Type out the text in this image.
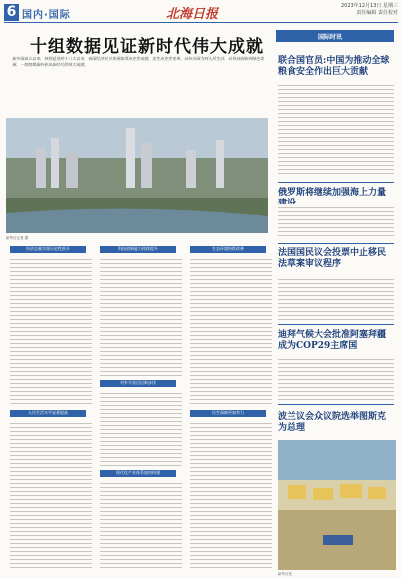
6 国内·国际	北海日报
2023年12月13日 星期三
责任编辑 责任校对
十组数据见证新时代伟大成就
新中国成立以来，特别是党的十八大以来，我国经济社会发展取得历史性成就、发生历史性变革。从综合国力到人民生活，从科技创新到绿色发展，一组组数据折射出新时代的伟大成就。
新华社记者 摄
经济总量实现历史性跃升	科技创新能力持续提升
人民生活水平显著提高
对外开放迈出新步伐
生态环境持续改善
民生保障更加有力
现代化产业体系加快构建
国际时讯
联合国官员:中国为推动全球粮食安全作出巨大贡献
俄罗斯将继续加强海上力量
法国国民议会投票中止移民法草案审议程序
迪拜气候大会批准阿塞拜疆成为COP29主席国
波兰议会众议院选举图斯克为总理
新华社发
